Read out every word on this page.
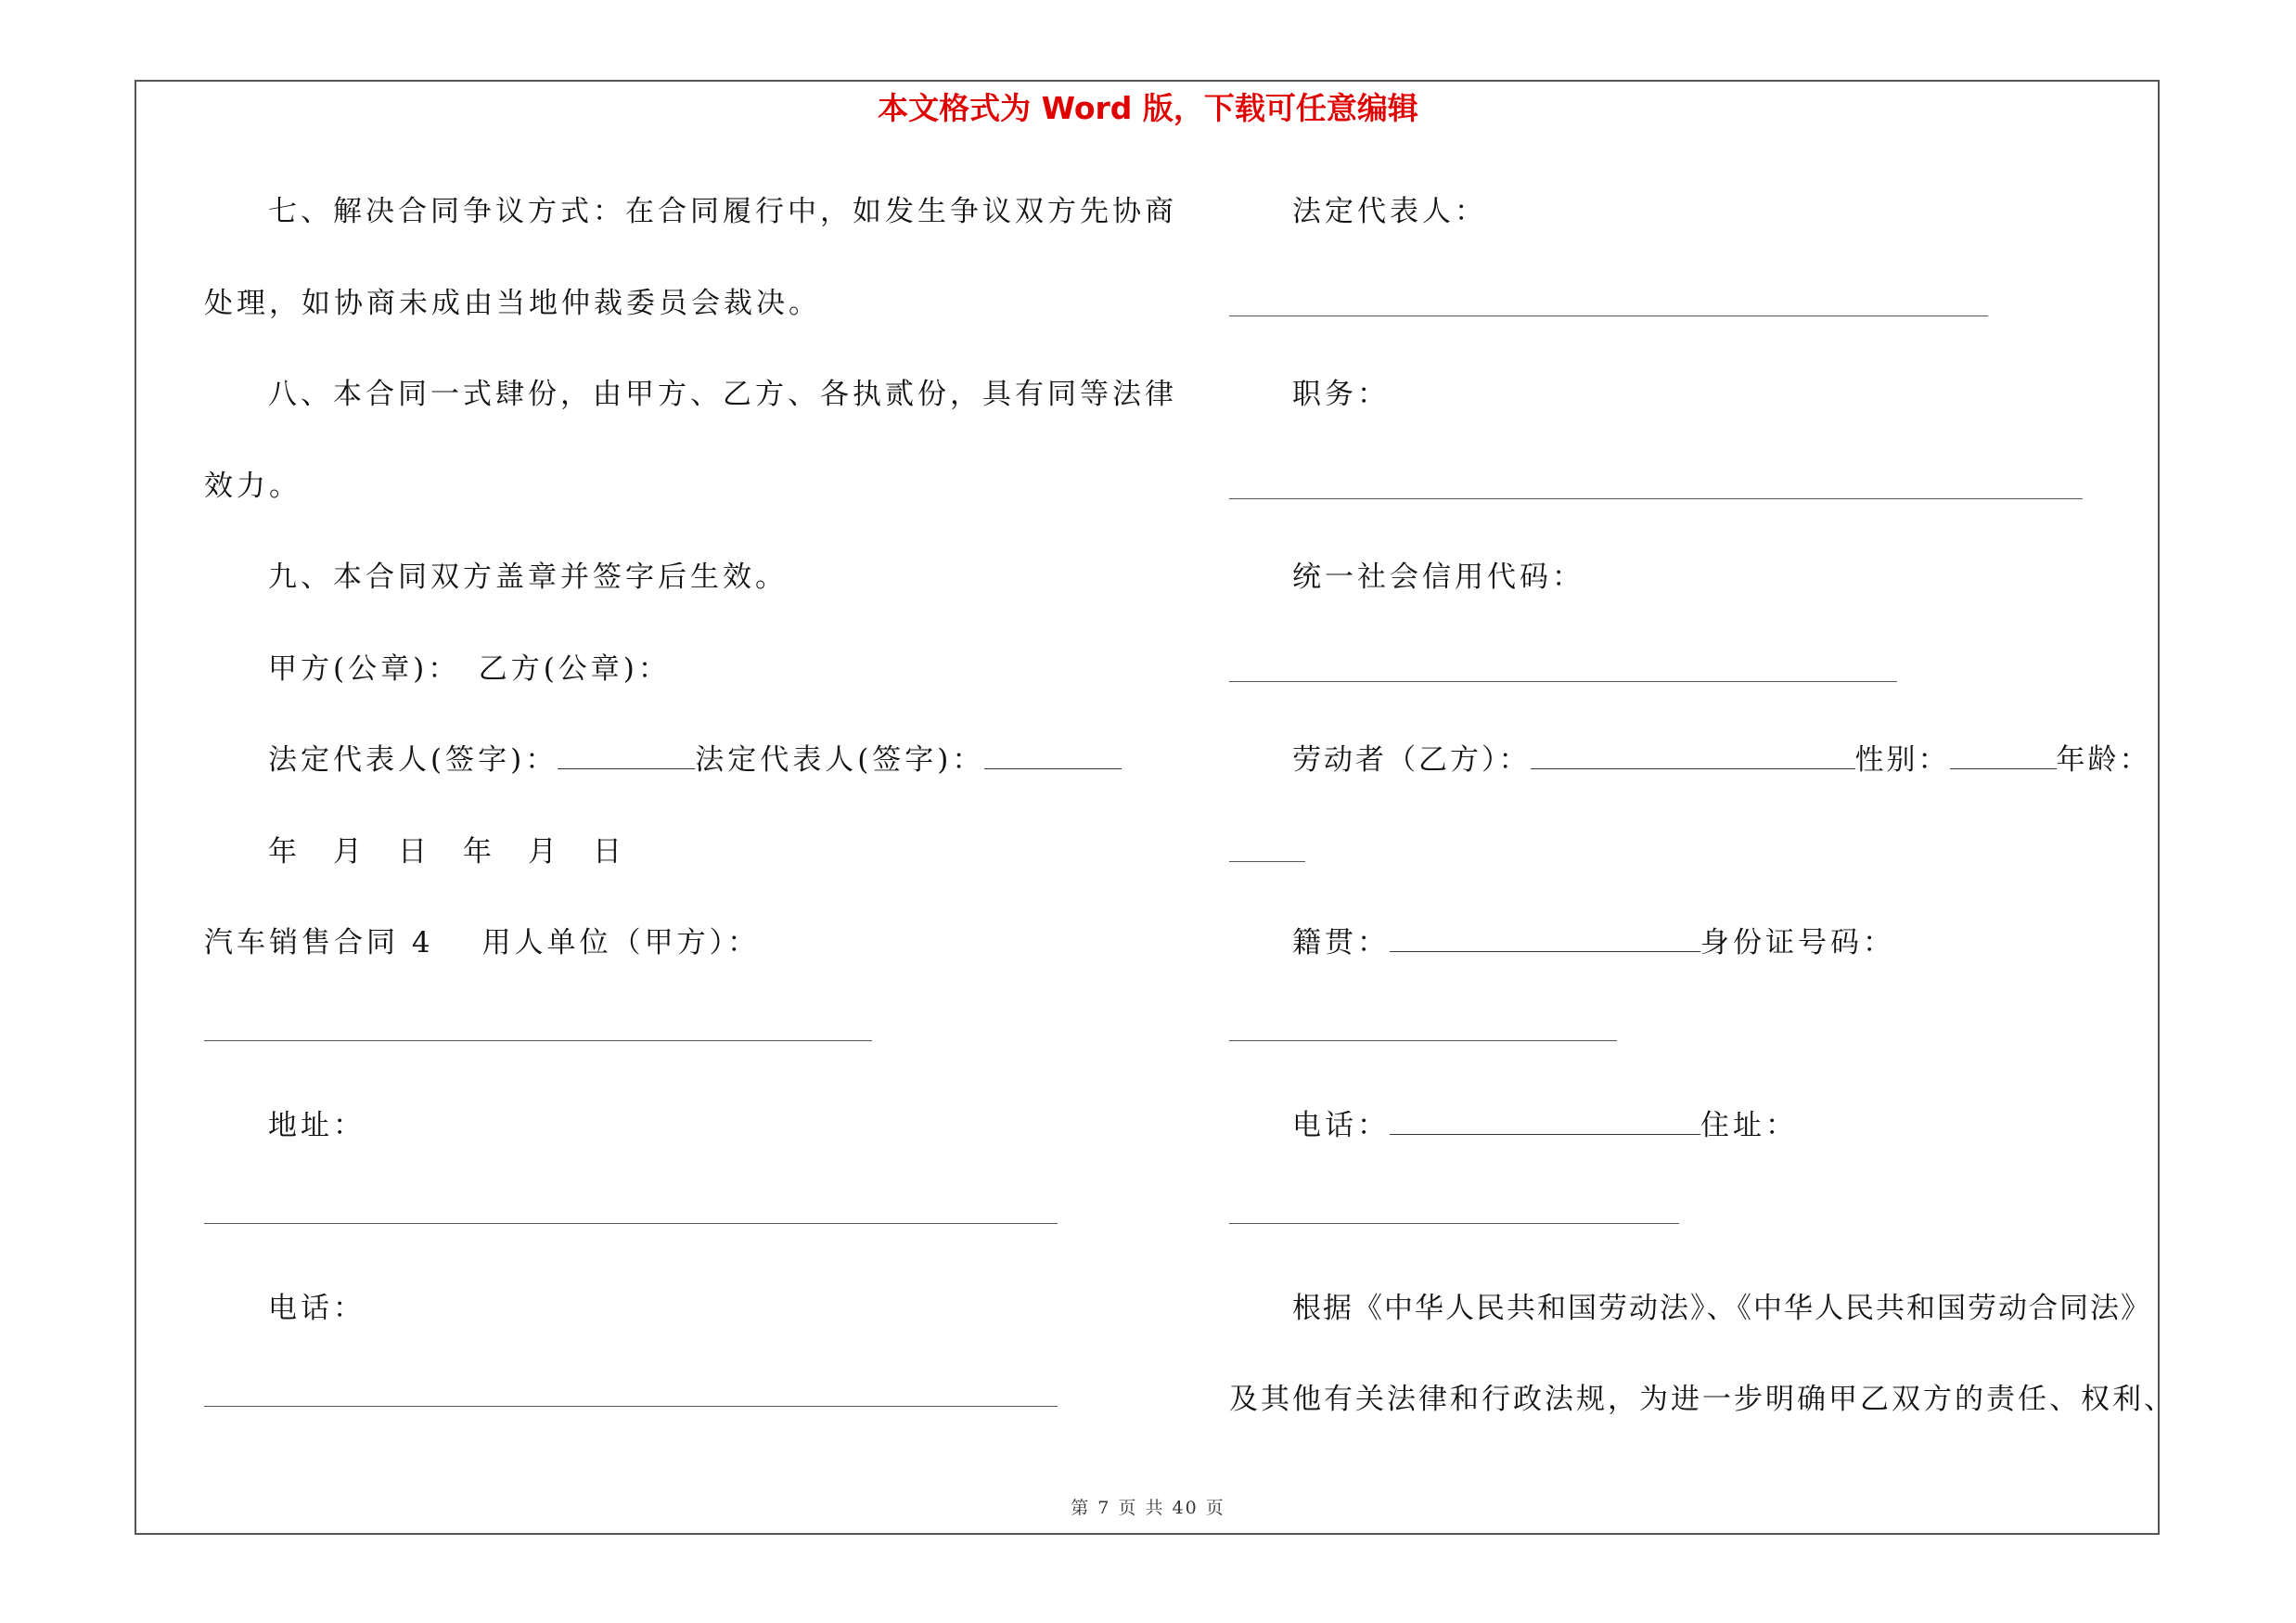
本文格式为 Word 版，下载可任意编辑
七、解决合同争议方式：在合同履行中，如发生争议双方先协商
处理，如协商未成由当地仲裁委员会裁决。
八、本合同一式肆份，由甲方、乙方、各执贰份，具有同等法律
效力。
九、本合同双方盖章并签字后生效。
甲方(公章)：　乙方(公章)：
法定代表人(签字)：	法定代表人(签字)：
年　月　日　年　月　日
汽车销售合同 4 用人单位（甲方）：
地址：
电话：
法定代表人：
职务：
统一社会信用代码：
劳动者（乙方）：	性别：	年龄：
籍贯：	身份证号码：
电话：	住址：
根据《中华人民共和国劳动法》、《中华人民共和国劳动合同法》
及其他有关法律和行政法规，为进一步明确甲乙双方的责任、权利、
第 7 页 共 40 页
